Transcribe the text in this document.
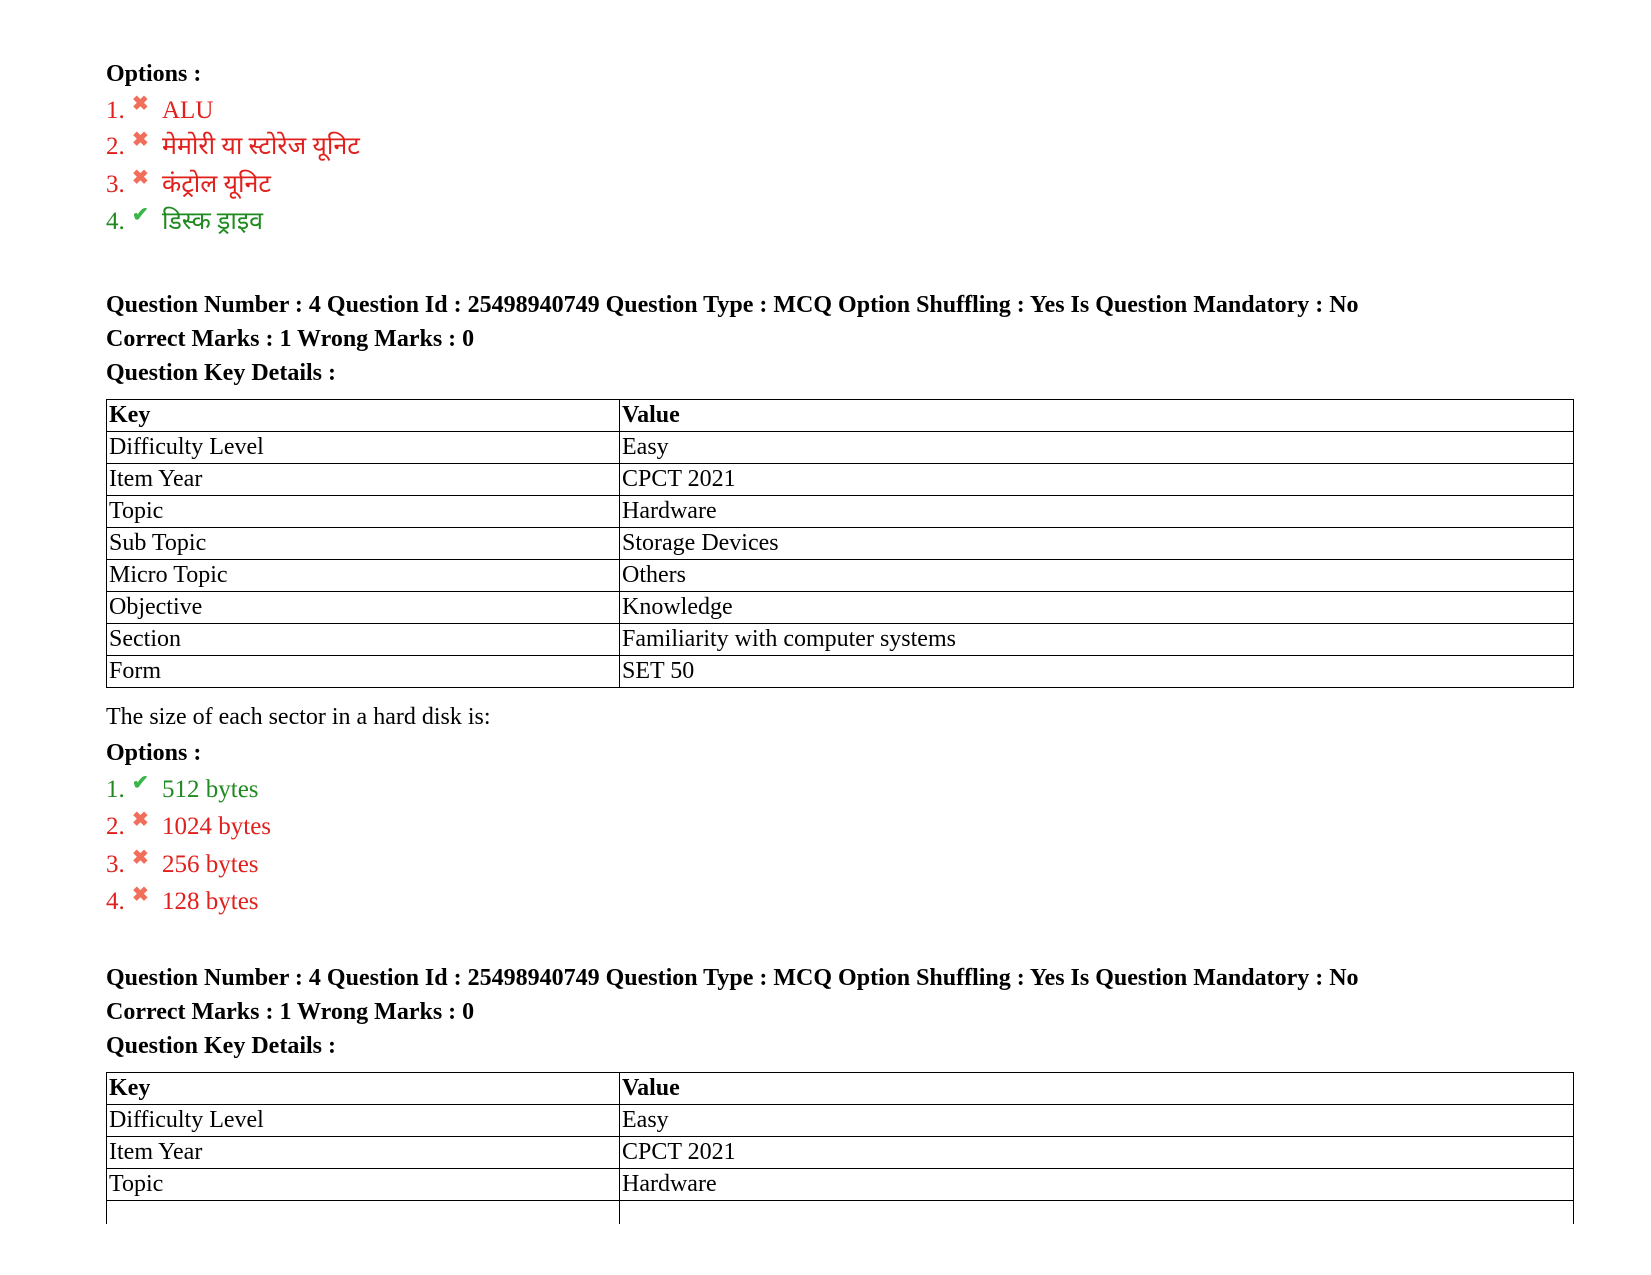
Options :
1. ✖ ALU
2. ✖ मेमोरी या स्टोरेज यूनिट
3. ✖ कंट्रोल यूनिट
4. ✔ डिस्क ड्राइव
Question Number : 4 Question Id : 25498940749 Question Type : MCQ Option Shuffling : Yes Is Question Mandatory : No
Correct Marks : 1 Wrong Marks : 0
Question Key Details :
Key	Value
Difficulty Level	Easy
Item Year	CPCT 2021
Topic	Hardware
Sub Topic	Storage Devices
Micro Topic	Others
Objective	Knowledge
Section	Familiarity with computer systems
Form	SET 50
The size of each sector in a hard disk is:
Options :
1. ✔ 512 bytes
2. ✖ 1024 bytes
3. ✖ 256 bytes
4. ✖ 128 bytes
Question Number : 4 Question Id : 25498940749 Question Type : MCQ Option Shuffling : Yes Is Question Mandatory : No
Correct Marks : 1 Wrong Marks : 0
Question Key Details :
Key	Value
Difficulty Level	Easy
Item Year	CPCT 2021
Topic	Hardware
